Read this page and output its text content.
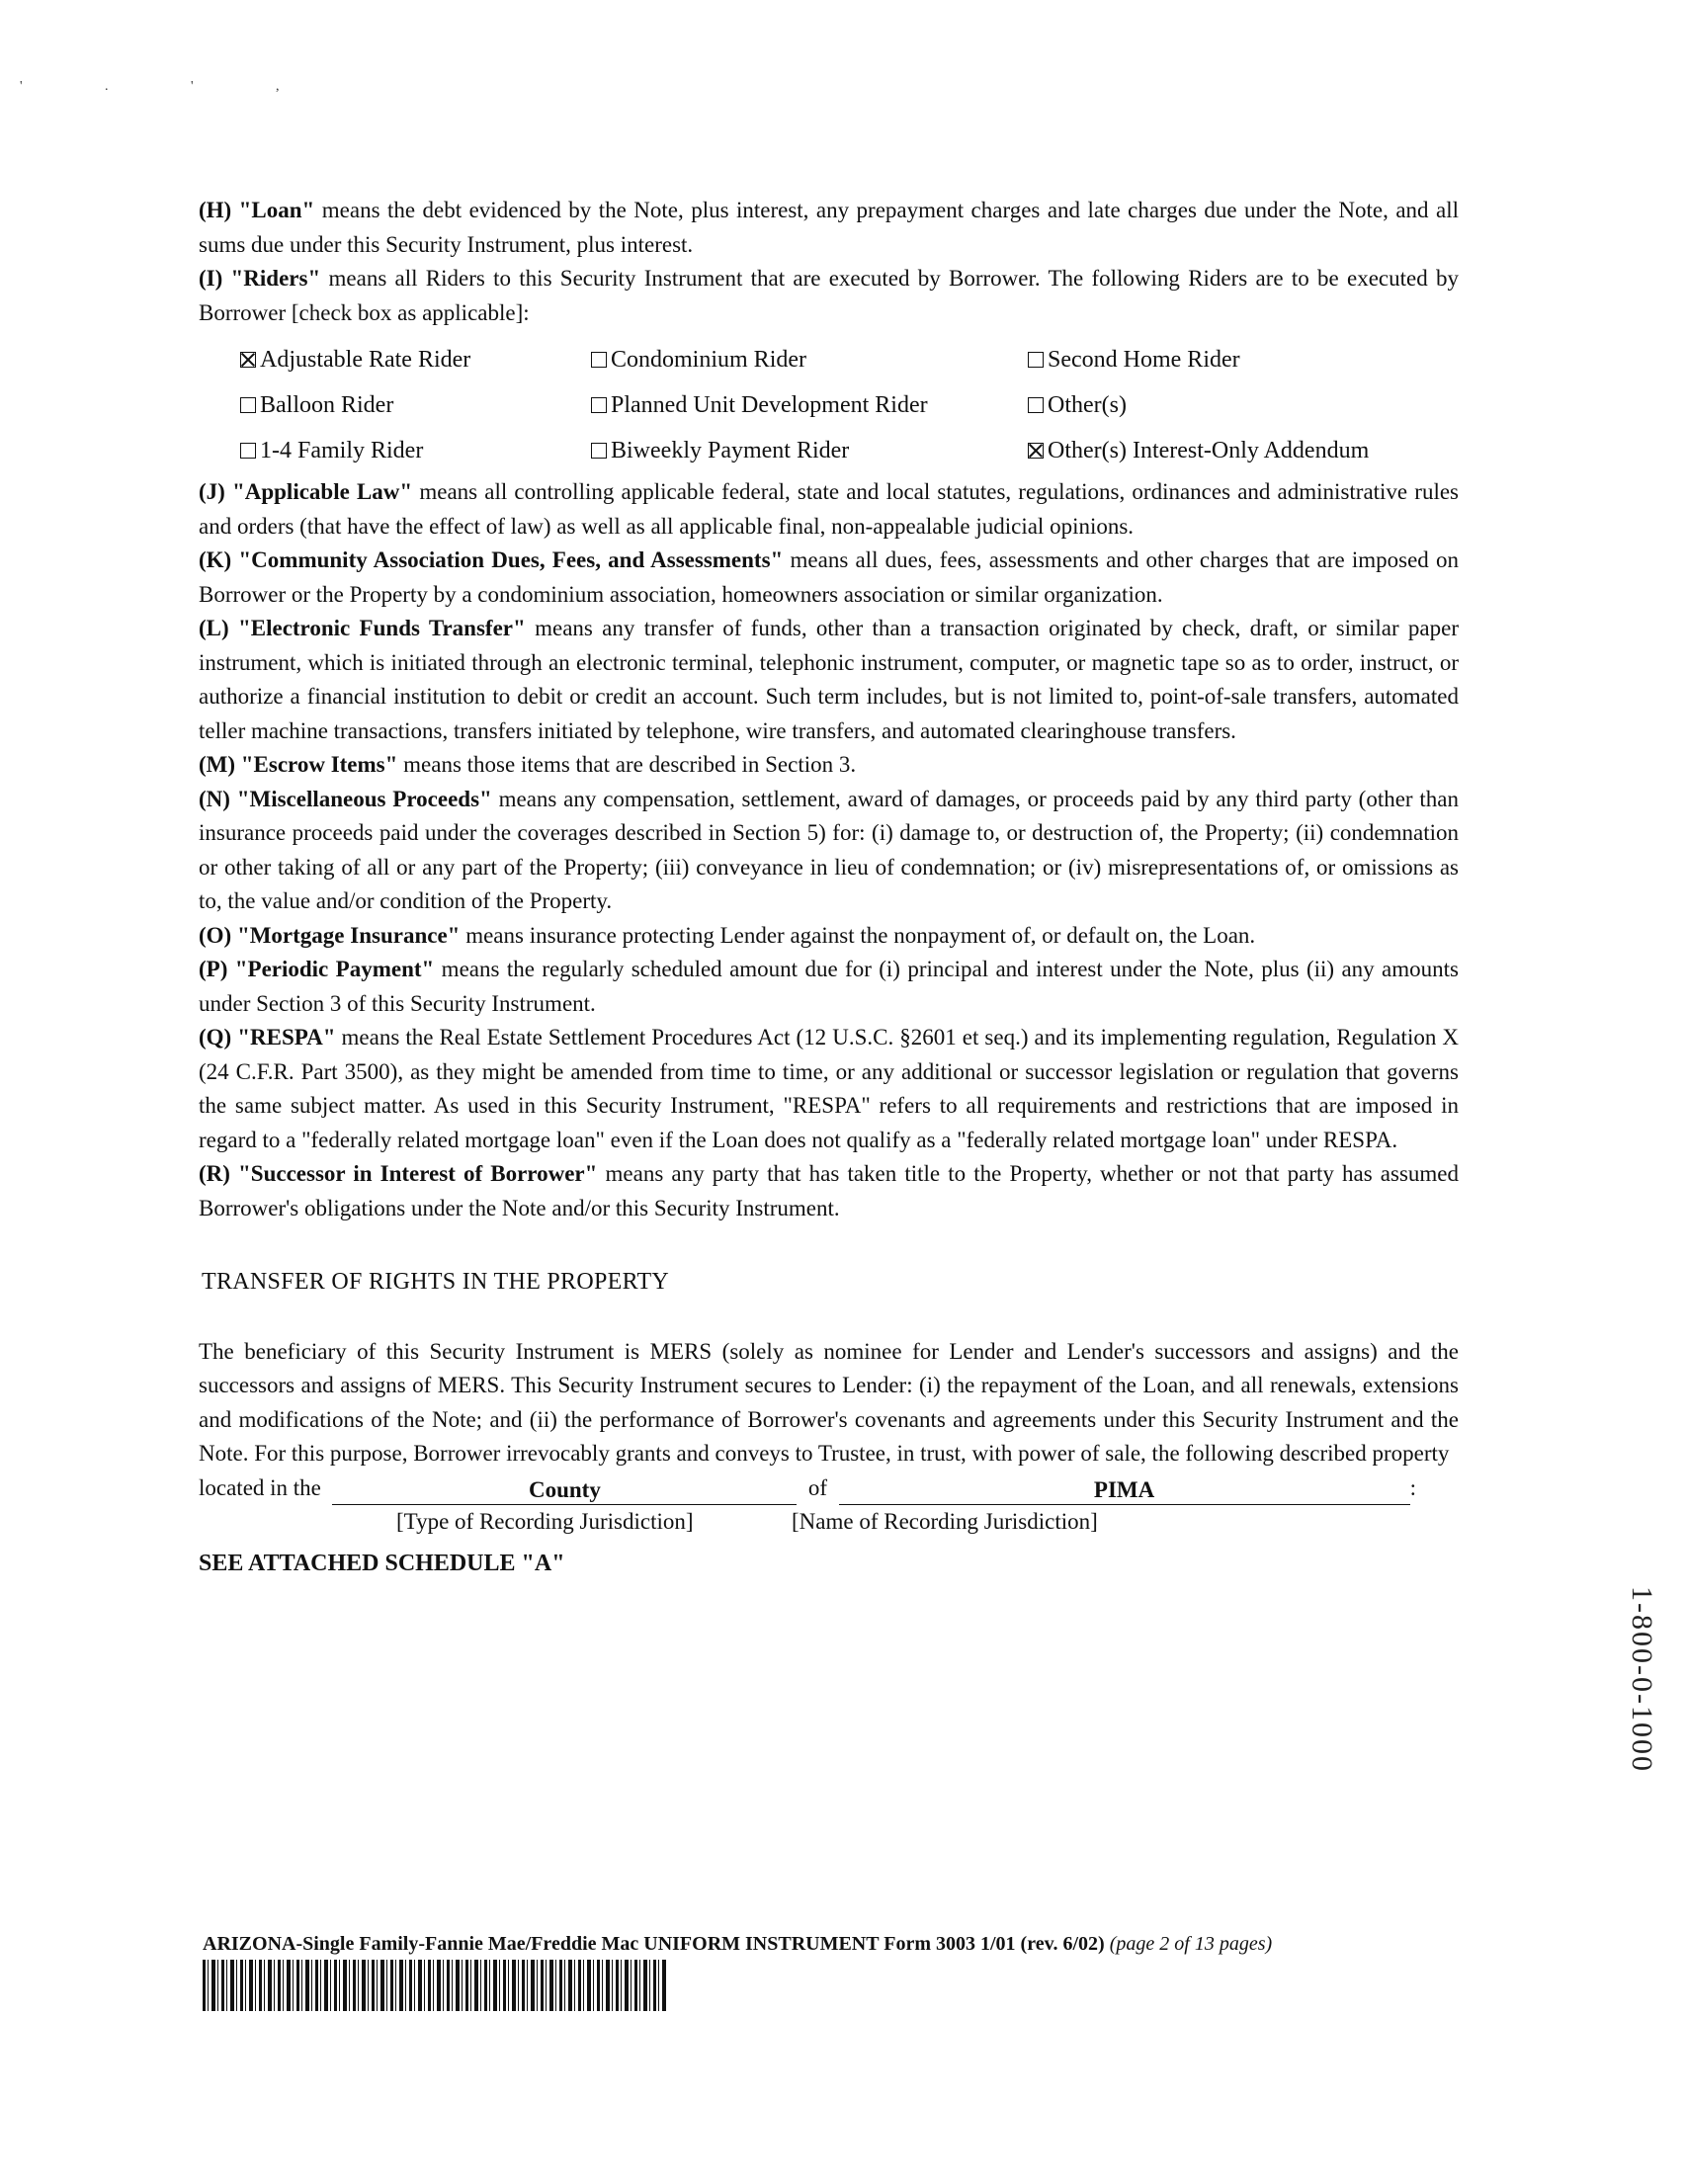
' . ' ,

(H) "Loan" means the debt evidenced by the Note, plus interest, any prepayment charges and late charges due under the Note, and all sums due under this Security Instrument, plus interest.

(I) "Riders" means all Riders to this Security Instrument that are executed by Borrower. The following Riders are to be executed by Borrower [check box as applicable]:

Adjustable Rate Rider	Condominium Rider	Second Home Rider
Balloon Rider	Planned Unit Development Rider	Other(s)
1-4 Family Rider	Biweekly Payment Rider	Other(s) Interest-Only Addendum

(J) "Applicable Law" means all controlling applicable federal, state and local statutes, regulations, ordinances and administrative rules and orders (that have the effect of law) as well as all applicable final, non-appealable judicial opinions.

(K) "Community Association Dues, Fees, and Assessments" means all dues, fees, assessments and other charges that are imposed on Borrower or the Property by a condominium association, homeowners association or similar organization.

(L) "Electronic Funds Transfer" means any transfer of funds, other than a transaction originated by check, draft, or similar paper instrument, which is initiated through an electronic terminal, telephonic instrument, computer, or magnetic tape so as to order, instruct, or authorize a financial institution to debit or credit an account. Such term includes, but is not limited to, point-of-sale transfers, automated teller machine transactions, transfers initiated by telephone, wire transfers, and automated clearinghouse transfers.

(M) "Escrow Items" means those items that are described in Section 3.

(N) "Miscellaneous Proceeds" means any compensation, settlement, award of damages, or proceeds paid by any third party (other than insurance proceeds paid under the coverages described in Section 5) for: (i) damage to, or destruction of, the Property; (ii) condemnation or other taking of all or any part of the Property; (iii) conveyance in lieu of condemnation; or (iv) misrepresentations of, or omissions as to, the value and/or condition of the Property.

(O) "Mortgage Insurance" means insurance protecting Lender against the nonpayment of, or default on, the Loan.

(P) "Periodic Payment" means the regularly scheduled amount due for (i) principal and interest under the Note, plus (ii) any amounts under Section 3 of this Security Instrument.

(Q) "RESPA" means the Real Estate Settlement Procedures Act (12 U.S.C. §2601 et seq.) and its implementing regulation, Regulation X (24 C.F.R. Part 3500), as they might be amended from time to time, or any additional or successor legislation or regulation that governs the same subject matter. As used in this Security Instrument, "RESPA" refers to all requirements and restrictions that are imposed in regard to a "federally related mortgage loan" even if the Loan does not qualify as a "federally related mortgage loan" under RESPA.

(R) "Successor in Interest of Borrower" means any party that has taken title to the Property, whether or not that party has assumed Borrower's obligations under the Note and/or this Security Instrument.

TRANSFER OF RIGHTS IN THE PROPERTY

The beneficiary of this Security Instrument is MERS (solely as nominee for Lender and Lender's successors and assigns) and the successors and assigns of MERS. This Security Instrument secures to Lender: (i) the repayment of the Loan, and all renewals, extensions and modifications of the Note; and (ii) the performance of Borrower's covenants and agreements under this Security Instrument and the Note. For this purpose, Borrower irrevocably grants and conveys to Trustee, in trust, with power of sale, the following described property

located in the
	County
	of
	PIMA	:
[Type of Recording Jurisdiction]	[Name of Recording Jurisdiction]
SEE ATTACHED SCHEDULE "A"
ARIZONA-Single Family-Fannie Mae/Freddie Mac UNIFORM INSTRUMENT Form 3003 1/01 (rev. 6/02) (page 2 of 13 pages)
1-800-0-1000
